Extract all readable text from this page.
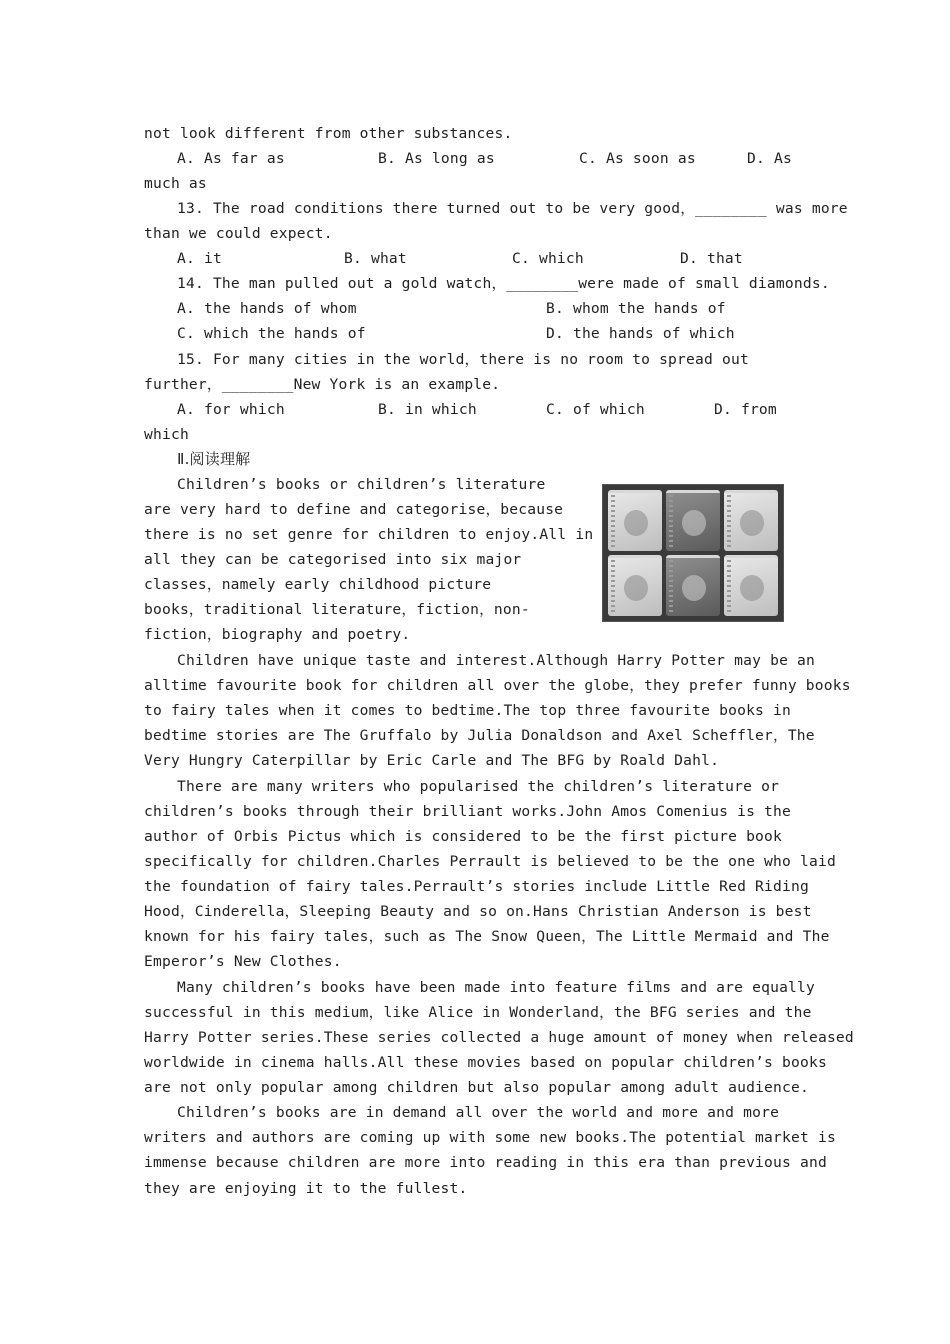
not look different from other substances.
A. As far as	B. As long as	C. As soon as	D. As
much as
13. The road conditions there turned out to be very good，________ was more
than we could expect.
A. it	B. what	C. which	D. that
14. The man pulled out a gold watch，________were made of small diamonds.
A. the hands of whom	B. whom the hands of
C. which the hands of	D. the hands of which
15. For many cities in the world，there is no room to spread out
further，________New York is an example.
A. for which	B. in which	C. of which	D. from
which
Ⅱ.阅读理解
Children’s books or children’s literature
are very hard to define and categorise，because
there is no set genre for children to enjoy.All in
all they can be categorised into six major
classes，namely early childhood picture
books，traditional literature，fiction，non-
fiction，biography and poetry.
Children have unique taste and interest.Although Harry Potter may be an
alltime favourite book for children all over the globe，they prefer funny books
to fairy tales when it comes to bedtime.The top three favourite books in
bedtime stories are The Gruffalo by Julia Donaldson and Axel Scheffler，The
Very Hungry Caterpillar by Eric Carle and The BFG by Roald Dahl.
There are many writers who popularised the children’s literature or
children’s books through their brilliant works.John Amos Comenius is the
author of Orbis Pictus which is considered to be the first picture book
specifically for children.Charles Perrault is believed to be the one who laid
the foundation of fairy tales.Perrault’s stories include Little Red Riding
Hood，Cinderella，Sleeping Beauty and so on.Hans Christian Anderson is best
known for his fairy tales，such as The Snow Queen，The Little Mermaid and The
Emperor’s New Clothes.
Many children’s books have been made into feature films and are equally
successful in this medium，like Alice in Wonderland，the BFG series and the
Harry Potter series.These series collected a huge amount of money when released
worldwide in cinema halls.All these movies based on popular children’s books
are not only popular among children but also popular among adult audience.
Children’s books are in demand all over the world and more and more
writers and authors are coming up with some new books.The potential market is
immense because children are more into reading in this era than previous and
they are enjoying it to the fullest.
